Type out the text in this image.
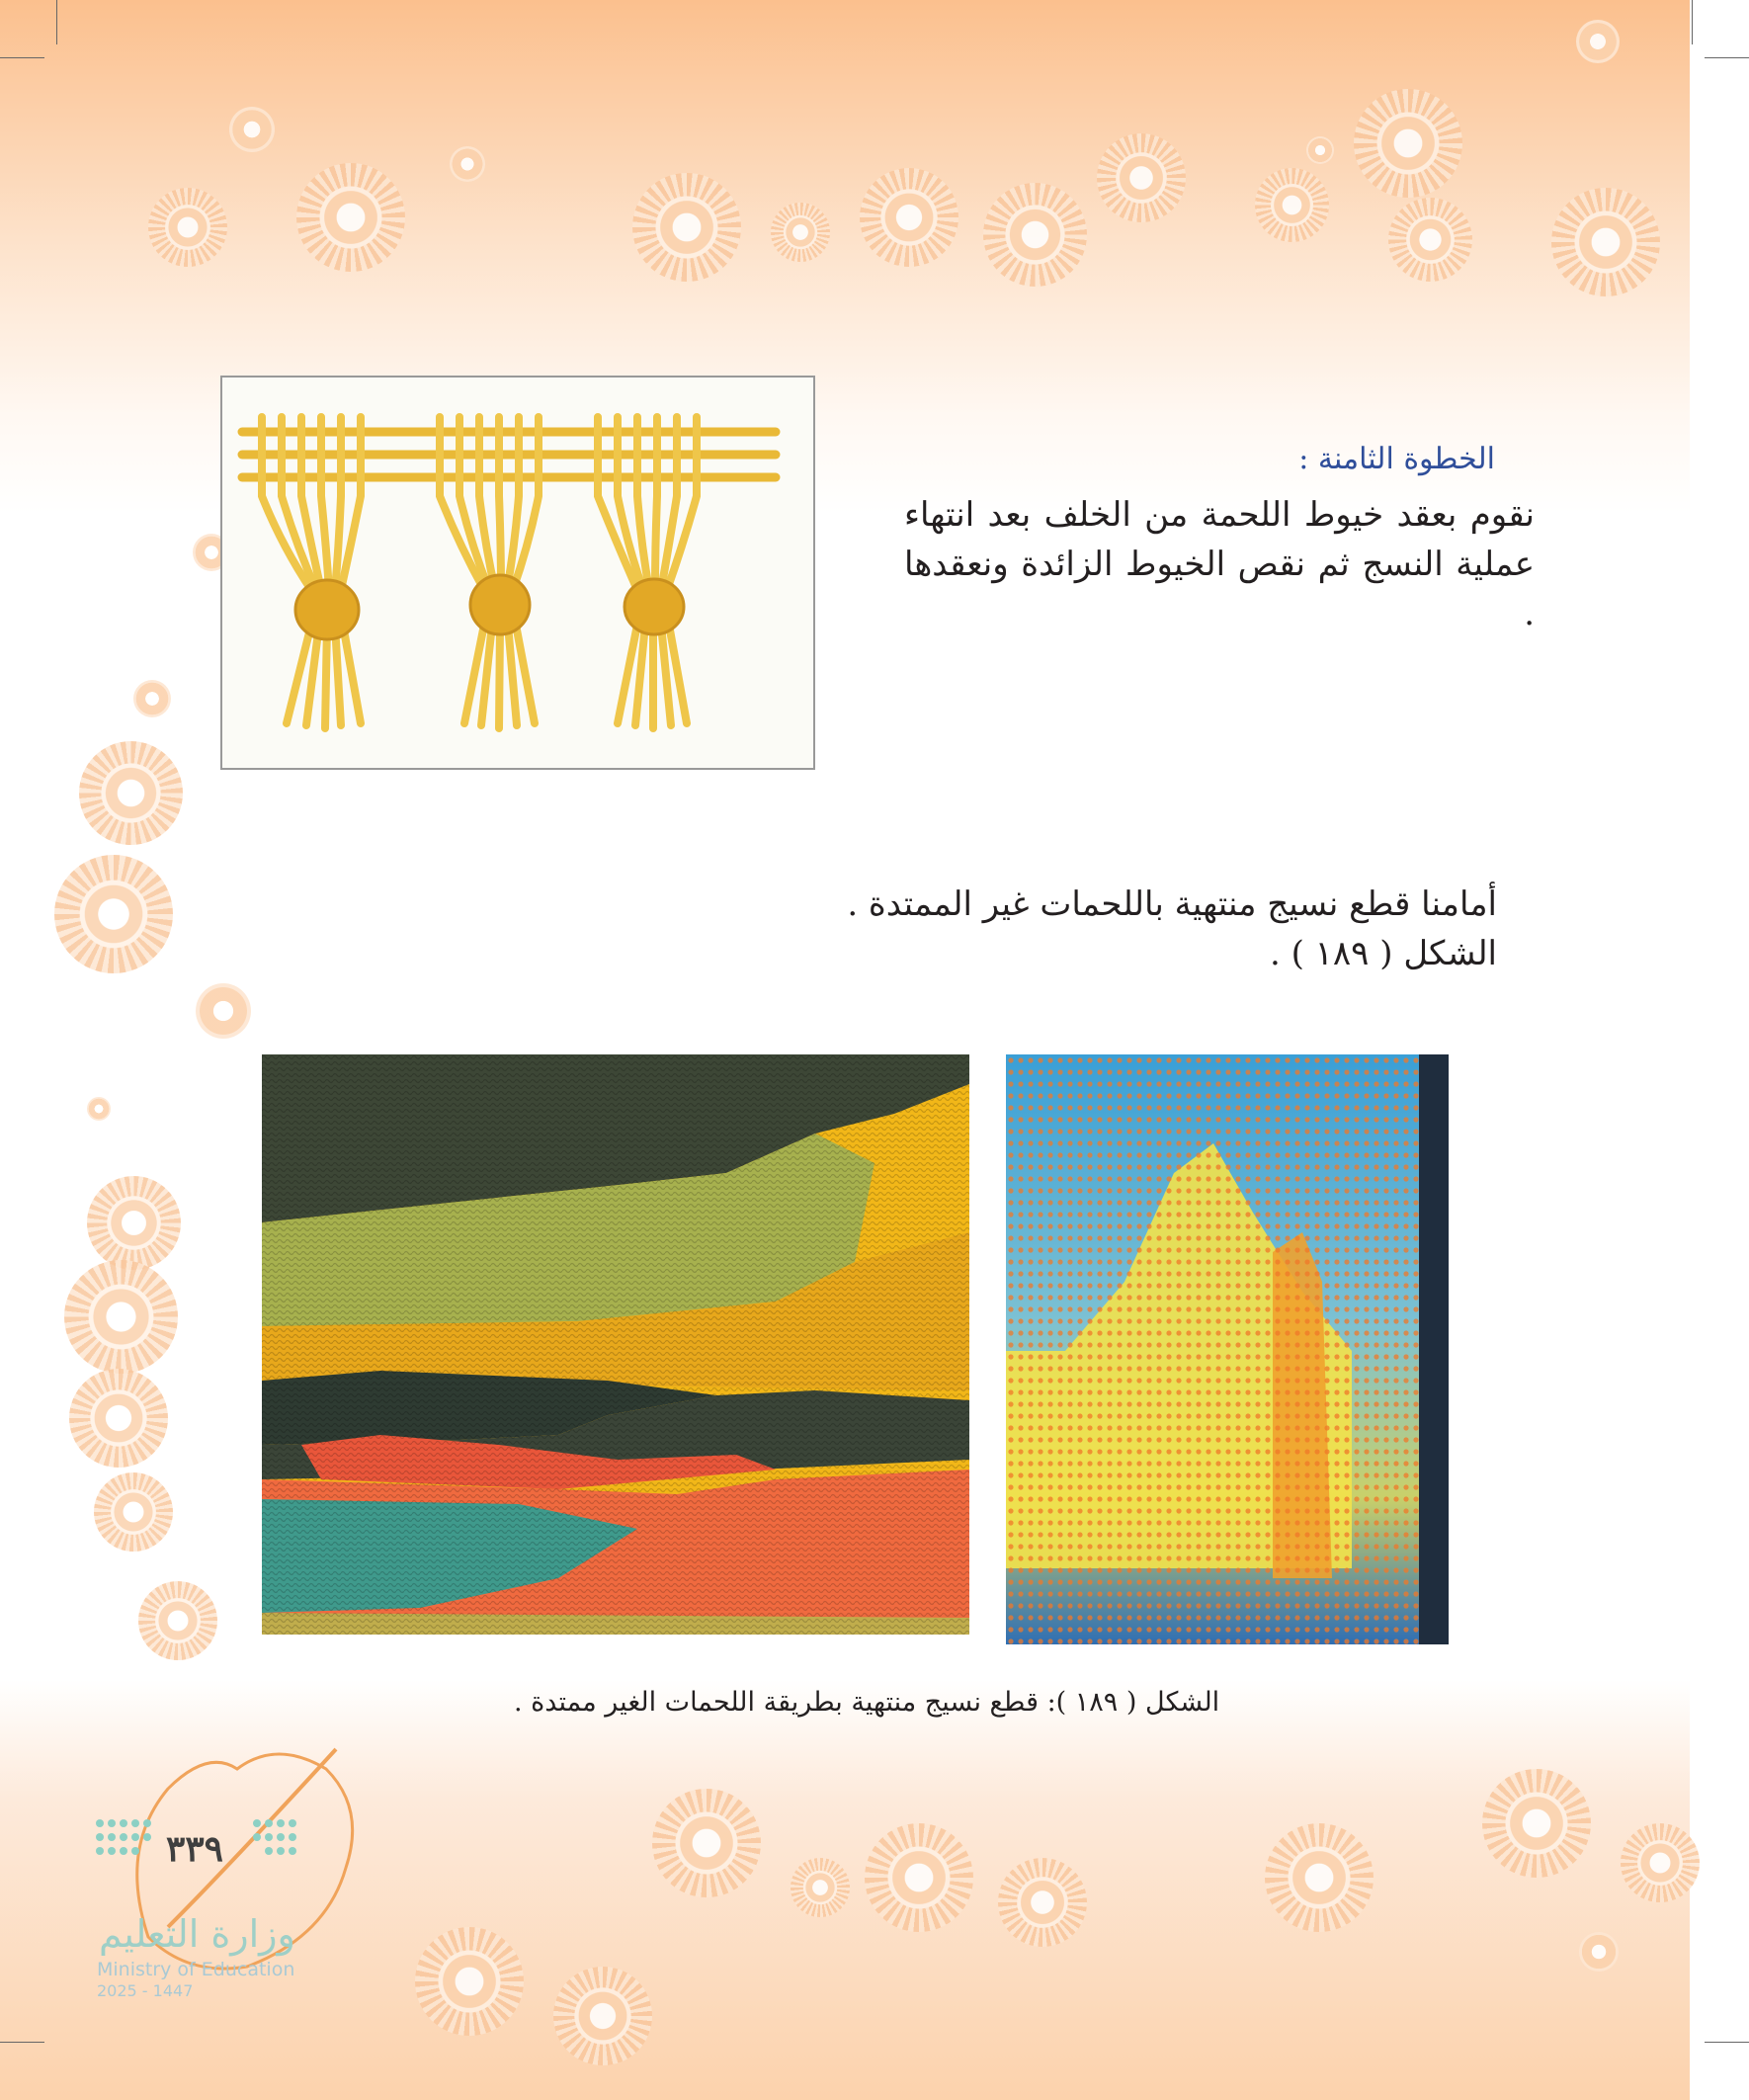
الخطوة الثامنة :
نقوم بعقد خيوط اللحمة من الخلف بعد انتهاء عملية النسج ثم نقص الخيوط الزائدة ونعقدها .
أمامنا قطع نسيج منتهية باللحمات غير الممتدة .
الشكل ( ١٨٩ ) .
الشكل ( ١٨٩ ): قطع نسيج منتهية بطريقة اللحمات الغير ممتدة .
٣٣٩
وزارة التعليم
Ministry of Education
2025 - 1447
